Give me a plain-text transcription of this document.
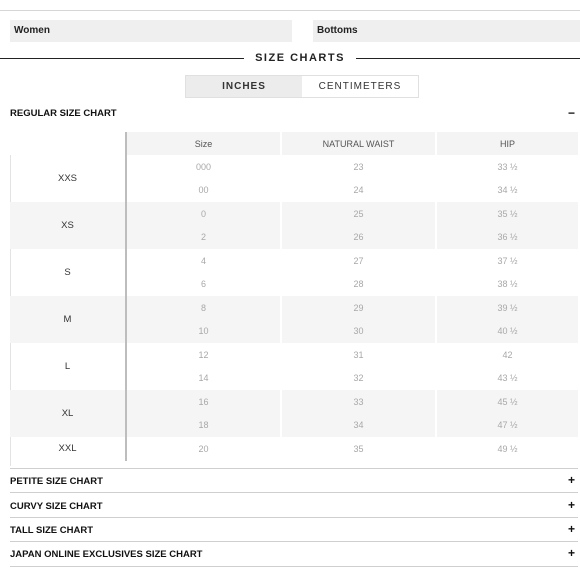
Women	Bottoms
SIZE CHARTS
INCHES	CENTIMETERS
REGULAR SIZE CHART	−
	Size	NATURAL WAIST	HIP
XXS	000	23	33 ½
	00	24	34 ½
XS	0	25	35 ½
	2	26	36 ½
S	4	27	37 ½
	6	28	38 ½
M	8	29	39 ½
	10	30	40 ½
L	12	31	42
	14	32	43 ½
XL	16	33	45 ½
	18	34	47 ½
XXL	20	35	49 ½
PETITE SIZE CHART	+
CURVY SIZE CHART	+
TALL SIZE CHART	+
JAPAN ONLINE EXCLUSIVES SIZE CHART	+
